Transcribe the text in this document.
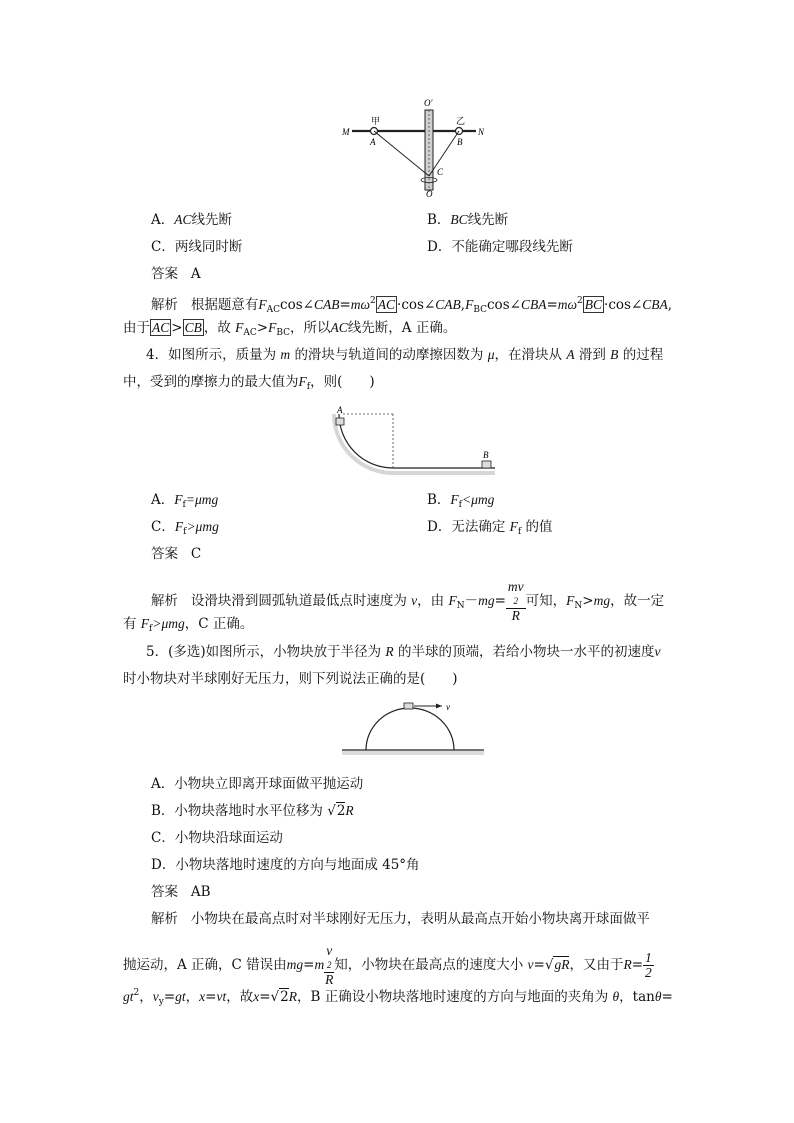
O′
甲	乙
M	N
A	B
C
O
A．AC线先断	B．BC线先断
C．两线同时断	D．不能确定哪段线先断
答案 A
解析 根据题意有$F_{AC}\cos\angle CAB=m\omega^2$ AC $\cdot\cos\angle CAB,F_{BC}\cos\angle CBA=m\omega^2$ BC ·cos∠CBA,
由于 AC > CB ，故 $F_{AC}>F_{BC}$，所以AC线先断，A 正确。
4．如图所示，质量为 m 的滑块与轨道间的动摩擦因数为 μ，在滑块从 A 滑到 B 的过程
中，受到的摩擦力的最大值为$F_f$，则(　　)
A
B
A．$F_f=\mu mg$	B．$F_f<\mu mg$
C．$F_f>\mu mg$	D．无法确定 $F_f$ 的值
答案 C
解析 设滑块滑到圆弧轨道最低点时速度为 v，由 $F_N-mg=$ mv
2
R 可知，$F_N>mg$，故一定
有 $F_f>\mu mg$，C 正确。
5．(多选)如图所示，小物块放于半径为 R 的半球的顶端，若给小物块一水平的初速度v
时小物块对半球刚好无压力，则下列说法正确的是(　　)
v
A．小物块立即离开球面做平抛运动
B．小物块落地时水平位移为 √2R
C．小物块沿球面运动
D．小物块落地时速度的方向与地面成 45°角
答案 AB
解析 小物块在最高点时对半球刚好无压力，表明从最高点开始小物块离开球面做平
抛运动，A 正确，C 错误由mg=m v
2
R 知，小物块在最高点的速度大小 v=√gR，又由于$R= \frac{1}{2}$
$gt^2$，$v_y=gt$，x=vt，故x=√2R，B 正确设小物块落地时速度的方向与地面的夹角为 θ，tanθ=
